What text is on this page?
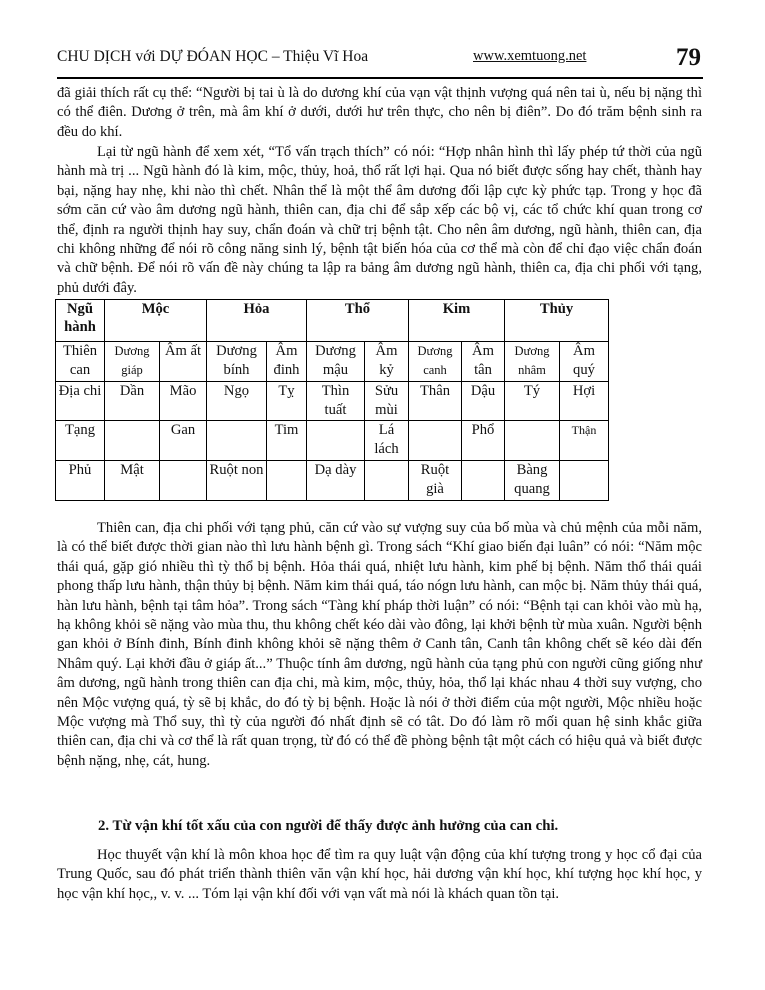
CHU DỊCH với DỰ ĐÓAN HỌC – Thiệu Vĩ Hoa	www.xemtuong.net	79

đã giải thích rất cụ thể: “Người bị tai ù là do dương khí của vạn vật thịnh vượng quá nên tai ù, nếu bị nặng thì có thể điên. Dương ở trên, mà âm khí ở dưới, dưới hư trên thực, cho nên bị điên”. Do đó trăm bệnh sinh ra đều do khí.

Lại từ ngũ hành để xem xét, “Tổ vấn trạch thích” có nói: “Hợp nhân hình thì lấy phép tứ thời của ngũ hành mà trị ... Ngũ hành đó là kim, mộc, thủy, hoả, thổ rất lợi hại. Qua nó biết được sống hay chết, thành hay bại, nặng hay nhẹ, khi nào thì chết. Nhân thể là một thể âm dương đối lập cực kỳ phức tạp. Trong y học đã sớm căn cứ vào âm dương ngũ hành, thiên can, địa chi để sắp xếp các bộ vị, các tổ chức khí quan trong cơ thể, định ra người thịnh hay suy, chẩn đoán và chữ trị bệnh tật. Cho nên âm dương, ngũ hành, thiên can, địa chi không những để nói rõ công năng sinh lý, bệnh tật biến hóa của cơ thể mà còn để chỉ đạo việc chẩn đoán và chữ bệnh. Để nói rõ vấn đề này chúng ta lập ra bảng âm dương ngũ hành, thiên ca, địa chi phối với tạng, phủ dưới đây.

Ngũ hành	Mộc		Hỏa		Thổ		Kim		Thủy	
Thiên can	Dương giáp	Âm ất	Dương bính	Âm đinh	Dương mậu	Âm kỷ	Dương canh	Âm tân	Dương nhâm	Âm quý
Địa chi	Dần	Mão	Ngọ	Tỵ	Thìn tuất	Sửu mùi	Thân	Dậu	Tý	Hợi
Tạng		Gan		Tim		Lá lách		Phổ		Thận
Phủ	Mật		Ruột non		Dạ dày		Ruột già		Bàng quang	

Thiên can, địa chi phối với tạng phủ, căn cứ vào sự vượng suy của bố mùa và chủ mệnh của mỗi năm, là có thể biết được thời gian nào thì lưu hành bệnh gì. Trong sách “Khí giao biến đại luân” có nói: “Năm mộc thái quá, gặp gió nhiều thì tỳ thổ bị bệnh. Hỏa thái quá, nhiệt lưu hành, kim phế bị bệnh. Năm thổ thái quái phong thấp lưu hành, thận thủy bị bệnh. Năm kim thái quá, táo nógn lưu hành, can mộc bị. Năm thủy thái quá, hàn lưu hành, bệnh tại tâm hỏa”. Trong sách “Tàng khí pháp thời luận” có nói: “Bệnh tại can khỏi vào mù hạ, hạ không khỏi sẽ nặng vào mùa thu, thu không chết kéo dài vào đông, lại khởi bệnh từ mùa xuân. Người bệnh gan khỏi ở Bính đinh, Bính đinh không khỏi sẽ nặng thêm ở Canh tân, Canh tân không chết sẽ kéo dài đến Nhâm quý. Lại khởi đầu ở giáp ất...” Thuộc tính âm dương, ngũ hành của tạng phủ con người cũng giống như âm dương, ngũ hành trong thiên can địa chi, mà kim, mộc, thủy, hỏa, thổ lại khác nhau 4 thời suy vượng, cho nên Mộc vượng quá, tỳ sẽ bị khắc, do đó tỳ bị bệnh. Hoặc là nói ở thời điểm của một người, Mộc nhiều hoặc Mộc vượng mà Thổ suy, thì tỳ của người đó nhất định sẽ có tât. Do đó làm rõ mối quan hệ sinh khắc giữa thiên can, địa chi và cơ thể là rất quan trọng, từ đó có thể đề phòng bệnh tật một cách có hiệu quả và biết được bệnh nặng, nhẹ, cát, hung.

2. Từ vận khí tốt xấu của con người để thấy được ảnh hưởng của can chi.

Học thuyết vận khí là môn khoa học để tìm ra quy luật vận động của khí tượng trong y học cổ đại của Trung Quốc, sau đó phát triển thành thiên văn vận khí học, hải dương vận khí học, khí tượng học khí học, y học vận khí học,, v. v. ... Tóm lại vận khí đối với vạn vất mà nói là khách quan tồn tại.
